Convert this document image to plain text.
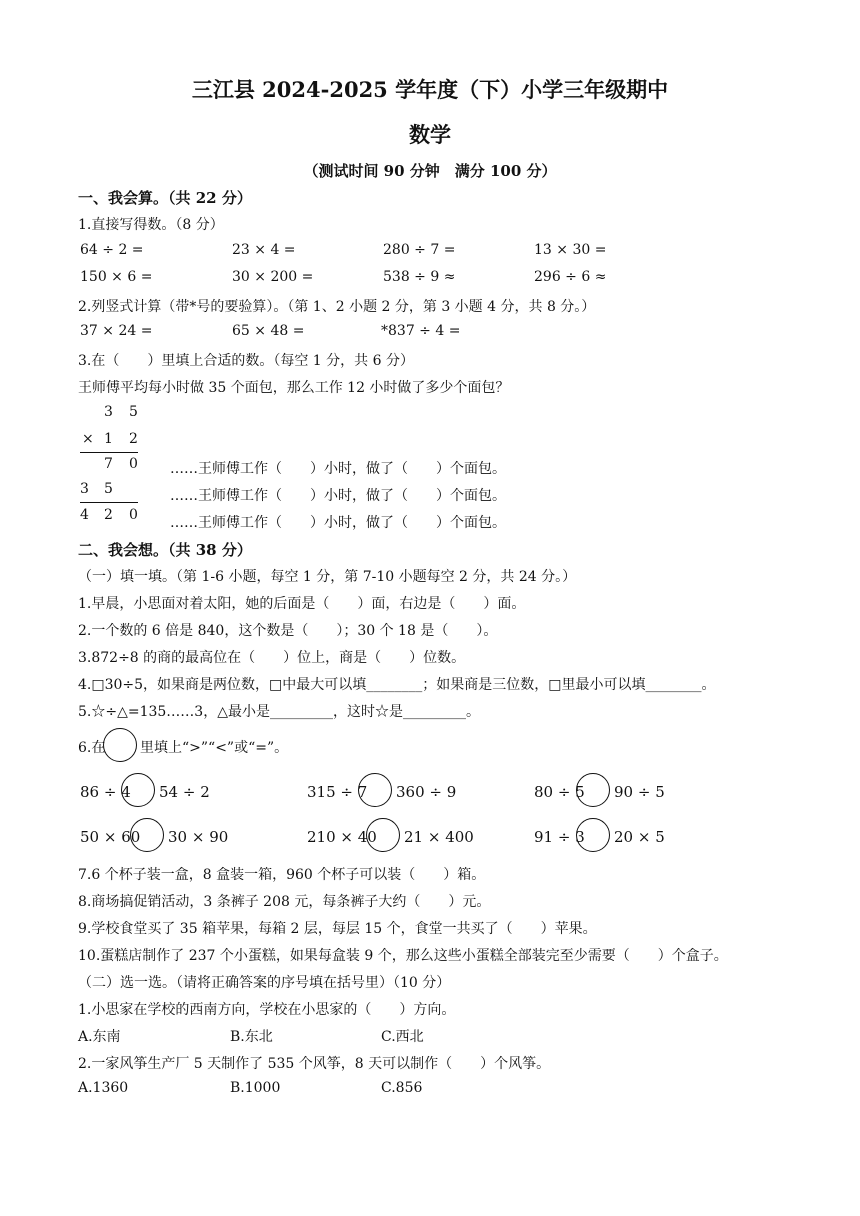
三江县 2024-2025 学年度（下）小学三年级期中
数学
（测试时间 90 分钟　满分 100 分）
一、我会算。（共 22 分）
1.直接写得数。（8 分）
64 ÷ 2 =	23 × 4 =	280 ÷ 7 =	13 × 30 =
150 × 6 =	30 × 200 =	538 ÷ 9 ≈	296 ÷ 6 ≈
2.列竖式计算（带*号的要验算）。（第 1、2 小题 2 分，第 3 小题 4 分，共 8 分。）
37 × 24 =	65 × 48 =	*837 ÷ 4 =
3.在（　　）里填上合适的数。（每空 1 分，共 6 分）
王师傅平均每小时做 35 个面包，那么工作 12 小时做了多少个面包？
3 5
× 1 2
7 0
3 5
4 2 0
……王师傅工作（　　）小时，做了（　　）个面包。
……王师傅工作（　　）小时，做了（　　）个面包。
……王师傅工作（　　）小时，做了（　　）个面包。
二、我会想。（共 38 分）
（一）填一填。（第 1-6 小题，每空 1 分，第 7-10 小题每空 2 分，共 24 分。）
1.早晨，小思面对着太阳，她的后面是（　　）面，右边是（　　）面。
2.一个数的 6 倍是 840，这个数是（　　）；30 个 18 是（　　）。
3.872÷8 的商的最高位在（　　）位上，商是（　　）位数。
4.□30÷5，如果商是两位数，□中最大可以填________；如果商是三位数，□里最小可以填________。
5.☆÷△=135……3，△最小是_________，这时☆是_________。
6.在 里填上“>”“<”或“=”。
86 ÷ 4 54 ÷ 2	315 ÷ 7 360 ÷ 9	80 ÷ 5 90 ÷ 5
50 × 60 30 × 90	210 × 40 21 × 400	91 ÷ 3 20 × 5
7.6 个杯子装一盒，8 盒装一箱，960 个杯子可以装（　　）箱。
8.商场搞促销活动，3 条裤子 208 元，每条裤子大约（　　）元。
9.学校食堂买了 35 箱苹果，每箱 2 层，每层 15 个，食堂一共买了（　　）苹果。
10.蛋糕店制作了 237 个小蛋糕，如果每盒装 9 个，那么这些小蛋糕全部装完至少需要（　　）个盒子。
（二）选一选。（请将正确答案的序号填在括号里）（10 分）
1.小思家在学校的西南方向，学校在小思家的（　　）方向。
A.东南	B.东北	C.西北
2.一家风筝生产厂 5 天制作了 535 个风筝，8 天可以制作（　　）个风筝。
A.1360	B.1000	C.856
